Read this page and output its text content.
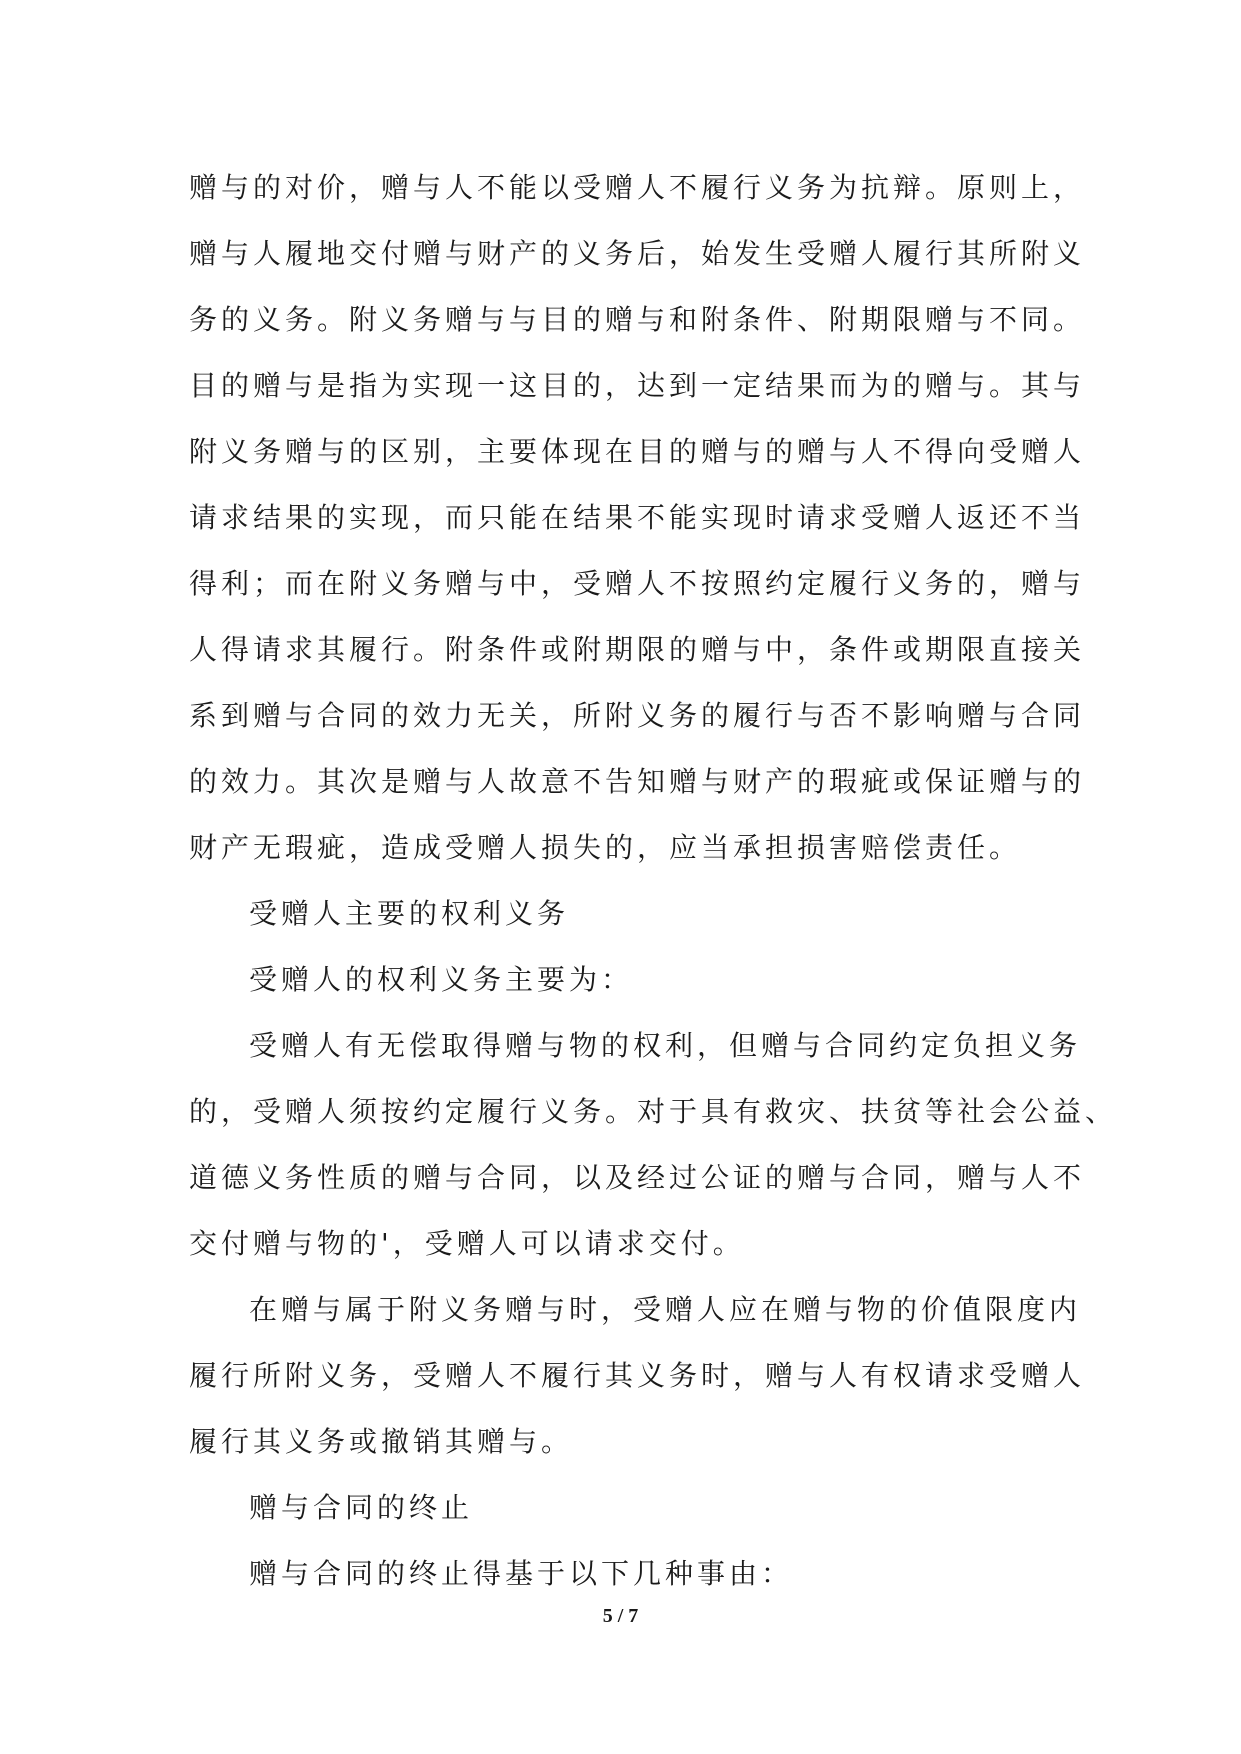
赠与的对价，赠与人不能以受赠人不履行义务为抗辩。原则上，
赠与人履地交付赠与财产的义务后，始发生受赠人履行其所附义
务的义务。附义务赠与与目的赠与和附条件、附期限赠与不同。
目的赠与是指为实现一这目的，达到一定结果而为的赠与。其与
附义务赠与的区别，主要体现在目的赠与的赠与人不得向受赠人
请求结果的实现，而只能在结果不能实现时请求受赠人返还不当
得利；而在附义务赠与中，受赠人不按照约定履行义务的，赠与
人得请求其履行。附条件或附期限的赠与中，条件或期限直接关
系到赠与合同的效力无关，所附义务的履行与否不影响赠与合同
的效力。其次是赠与人故意不告知赠与财产的瑕疵或保证赠与的
财产无瑕疵，造成受赠人损失的，应当承担损害赔偿责任。
受赠人主要的权利义务
受赠人的权利义务主要为：
受赠人有无偿取得赠与物的权利，但赠与合同约定负担义务
的，受赠人须按约定履行义务。对于具有救灾、扶贫等社会公益、
道德义务性质的赠与合同，以及经过公证的赠与合同，赠与人不
交付赠与物的'，受赠人可以请求交付。
在赠与属于附义务赠与时，受赠人应在赠与物的价值限度内
履行所附义务，受赠人不履行其义务时，赠与人有权请求受赠人
履行其义务或撤销其赠与。
赠与合同的终止
赠与合同的终止得基于以下几种事由：
5 / 7
